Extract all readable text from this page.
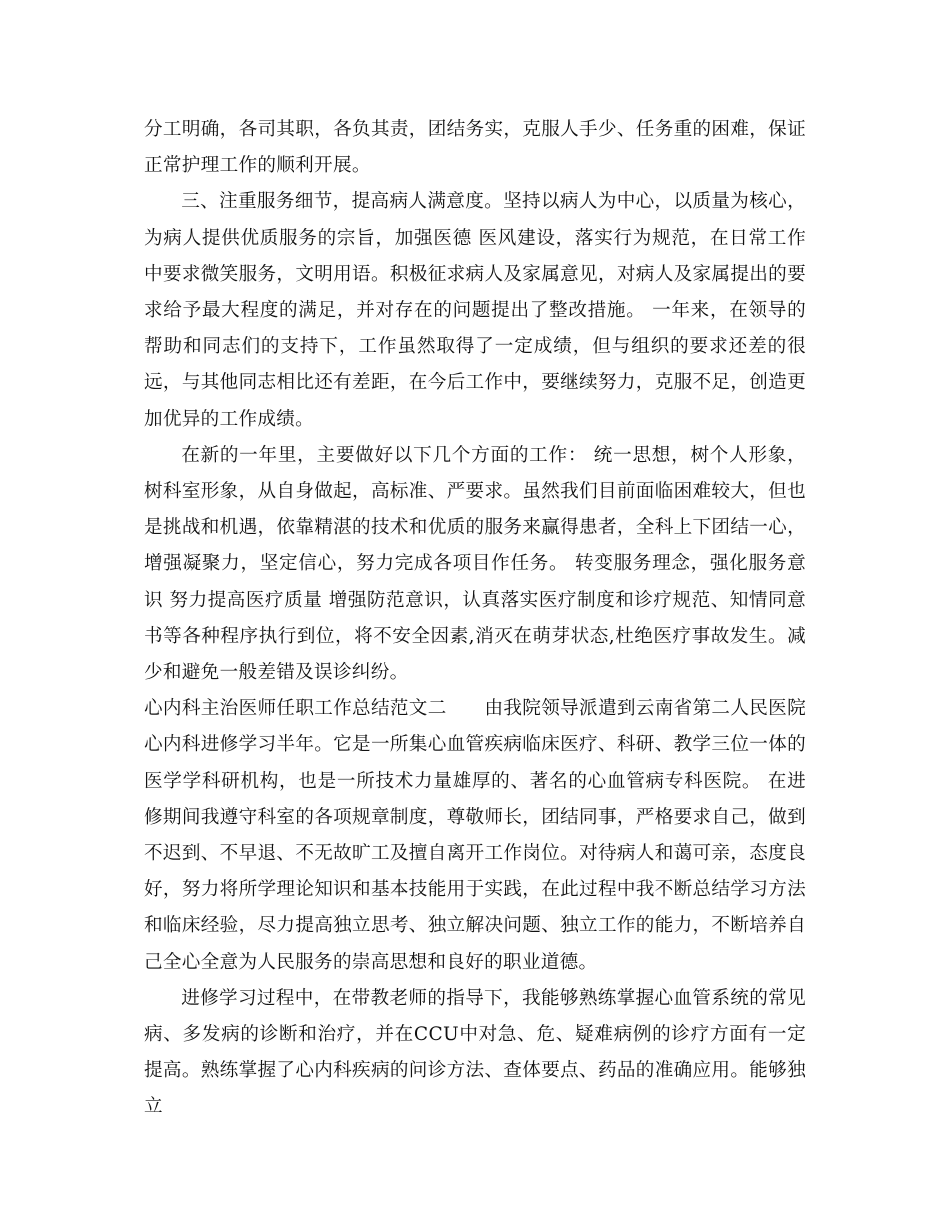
分工明确，各司其职，各负其责，团结务实，克服人手少、任务重的困难，保证正常护理工作的顺利开展。

三、注重服务细节，提高病人满意度。坚持以病人为中心，以质量为核心，为病人提供优质服务的宗旨，加强医德 医风建设，落实行为规范，在日常工作中要求微笑服务，文明用语。积极征求病人及家属意见，对病人及家属提出的要求给予最大程度的满足，并对存在的问题提出了整改措施。 一年来，在领导的帮助和同志们的支持下，工作虽然取得了一定成绩，但与组织的要求还差的很远，与其他同志相比还有差距，在今后工作中，要继续努力，克服不足，创造更加优异的工作成绩。

在新的一年里，主要做好以下几个方面的工作： 统一思想，树个人形象，树科室形象，从自身做起，高标准、严要求。虽然我们目前面临困难较大，但也是挑战和机遇，依靠精湛的技术和优质的服务来赢得患者，全科上下团结一心，增强凝聚力，坚定信心，努力完成各项目作任务。 转变服务理念，强化服务意识 努力提高医疗质量 增强防范意识，认真落实医疗制度和诊疗规范、知情同意书等各种程序执行到位，将不安全因素,消灭在萌芽状态,杜绝医疗事故发生。减少和避免一般差错及误诊纠纷。

心内科主治医师任职工作总结范文二　　由我院领导派遣到云南省第二人民医院心内科进修学习半年。它是一所集心血管疾病临床医疗、科研、教学三位一体的医学学科研机构，也是一所技术力量雄厚的、著名的心血管病专科医院。 在进修期间我遵守科室的各项规章制度，尊敬师长，团结同事，严格要求自己，做到不迟到、不早退、不无故旷工及擅自离开工作岗位。对待病人和蔼可亲，态度良好，努力将所学理论知识和基本技能用于实践，在此过程中我不断总结学习方法和临床经验，尽力提高独立思考、独立解决问题、独立工作的能力，不断培养自己全心全意为人民服务的崇高思想和良好的职业道德。

进修学习过程中，在带教老师的指导下，我能够熟练掌握心血管系统的常见病、多发病的诊断和治疗，并在CCU中对急、危、疑难病例的诊疗方面有一定提高。熟练掌握了心内科疾病的问诊方法、查体要点、药品的准确应用。能够独立
